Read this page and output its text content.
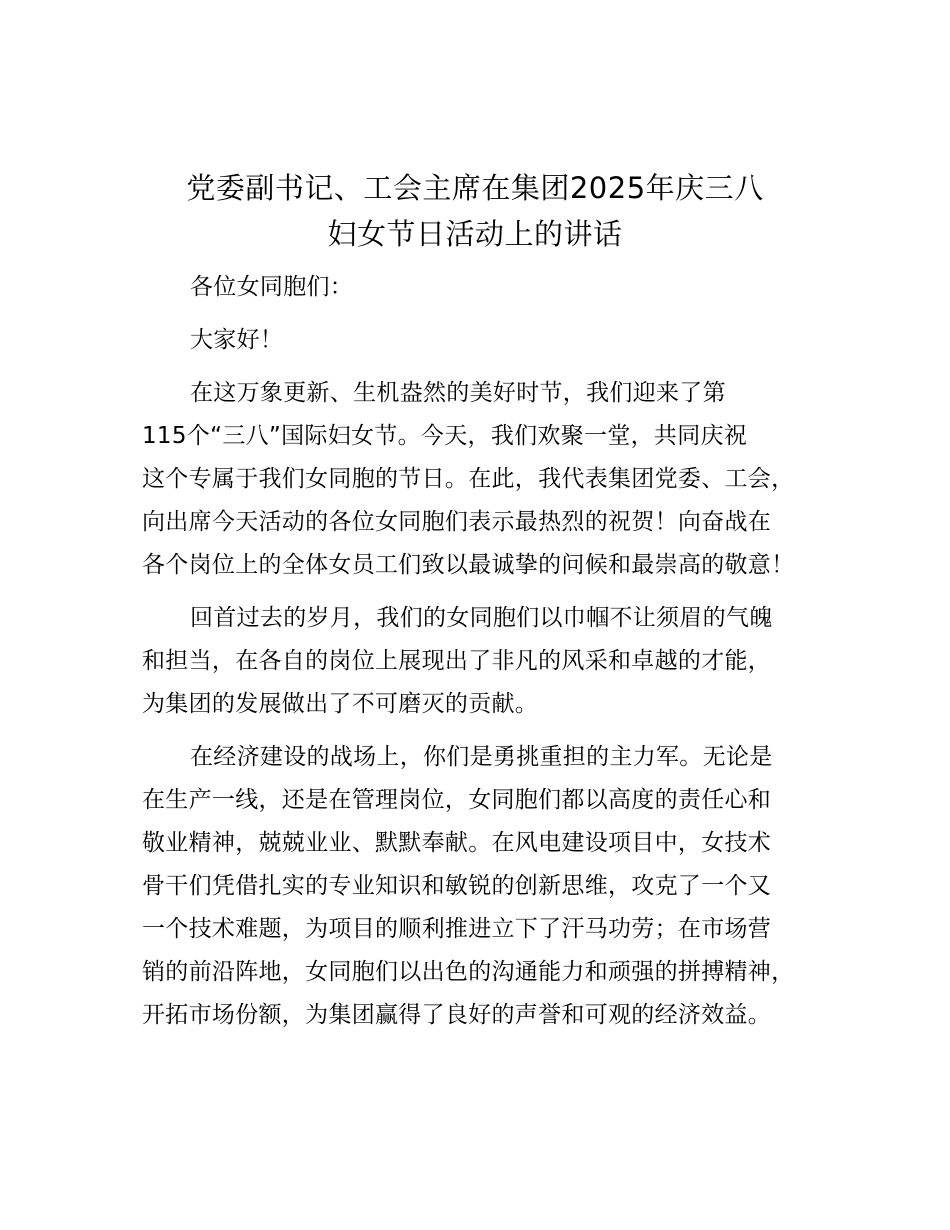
党委副书记、工会主席在集团2025年庆三八
妇女节日活动上的讲话
各位女同胞们：
大家好！
在这万象更新、生机盎然的美好时节，我们迎来了第
115个“三八”国际妇女节。今天，我们欢聚一堂，共同庆祝
这个专属于我们女同胞的节日。在此，我代表集团党委、工会，
向出席今天活动的各位女同胞们表示最热烈的祝贺！向奋战在
各个岗位上的全体女员工们致以最诚挚的问候和最崇高的敬意！
回首过去的岁月，我们的女同胞们以巾帼不让须眉的气魄
和担当，在各自的岗位上展现出了非凡的风采和卓越的才能，
为集团的发展做出了不可磨灭的贡献。
在经济建设的战场上，你们是勇挑重担的主力军。无论是
在生产一线，还是在管理岗位，女同胞们都以高度的责任心和
敬业精神，兢兢业业、默默奉献。在风电建设项目中，女技术
骨干们凭借扎实的专业知识和敏锐的创新思维，攻克了一个又
一个技术难题，为项目的顺利推进立下了汗马功劳；在市场营
销的前沿阵地，女同胞们以出色的沟通能力和顽强的拼搏精神，
开拓市场份额，为集团赢得了良好的声誉和可观的经济效益。
